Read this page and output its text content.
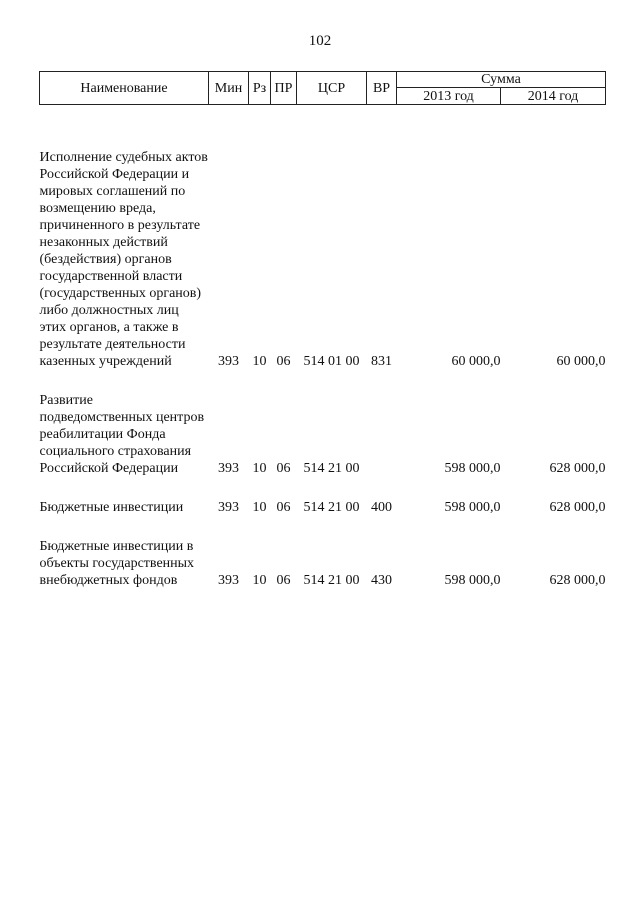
102
Наименование	Мин	Рз	ПР	ЦСР	ВР	Сумма	
						2013 год	2014 год

Исполнение судебных актов Российской Федерации и мировых соглашений по возмещению вреда, причиненного в результате незаконных действий (бездействия) органов государственной власти (государственных органов) либо должностных лиц этих органов, а также в результате деятельности казенных учреждений	393	10	06	514 01 00	831	60 000,0	60 000,0

Развитие подведомственных центров реабилитации Фонда социального страхования Российской Федерации	393	10	06	514 21 00		598 000,0	628 000,0

Бюджетные инвестиции	393	10	06	514 21 00	400	598 000,0	628 000,0

Бюджетные инвестиции в объекты государственных внебюджетных фондов	393	10	06	514 21 00	430	598 000,0	628 000,0
